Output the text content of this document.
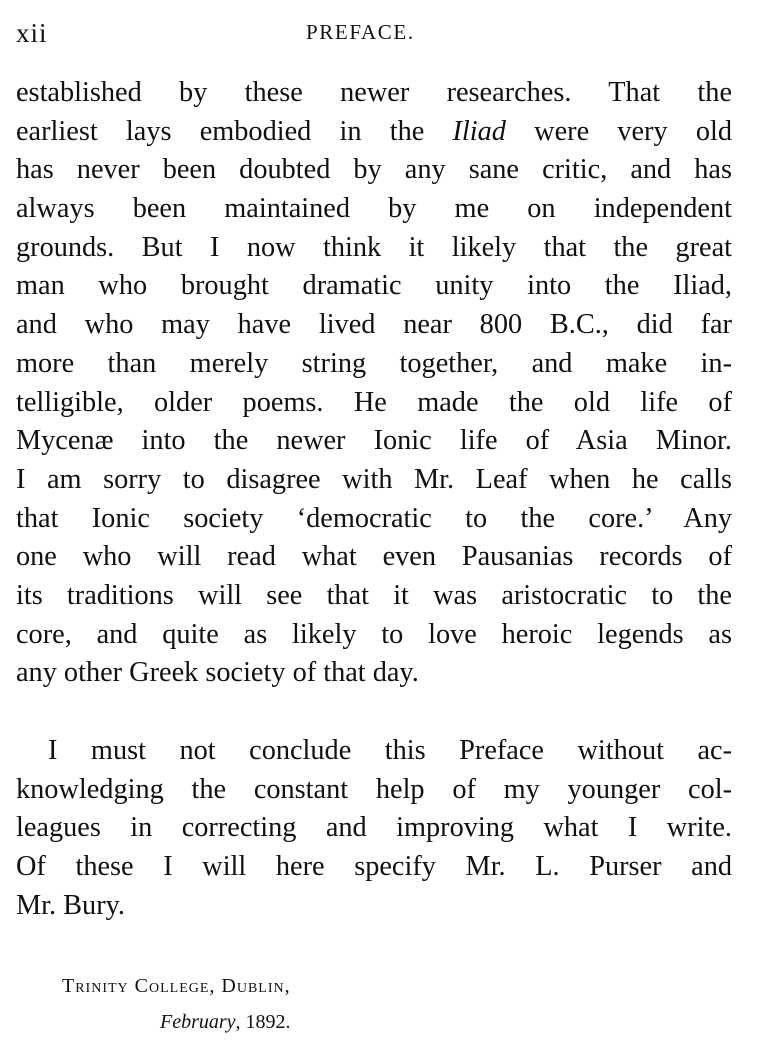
xii	PREFACE.
established by these newer researches. That the
earliest lays embodied in the Iliad were very old
has never been doubted by any sane critic, and has
always been maintained by me on independent
grounds. But I now think it likely that the great
man who brought dramatic unity into the Iliad,
and who may have lived near 800 B.C., did far
more than merely string together, and make in-
telligible, older poems. He made the old life of
Mycenæ into the newer Ionic life of Asia Minor.
I am sorry to disagree with Mr. Leaf when he calls
that Ionic society ‘democratic to the core.’ Any
one who will read what even Pausanias records of
its traditions will see that it was aristocratic to the
core, and quite as likely to love heroic legends as
any other Greek society of that day.
I must not conclude this Preface without ac-
knowledging the constant help of my younger col-
leagues in correcting and improving what I write.
Of these I will here specify Mr. L. Purser and
Mr. Bury.
Trinity College, Dublin,
February, 1892.
